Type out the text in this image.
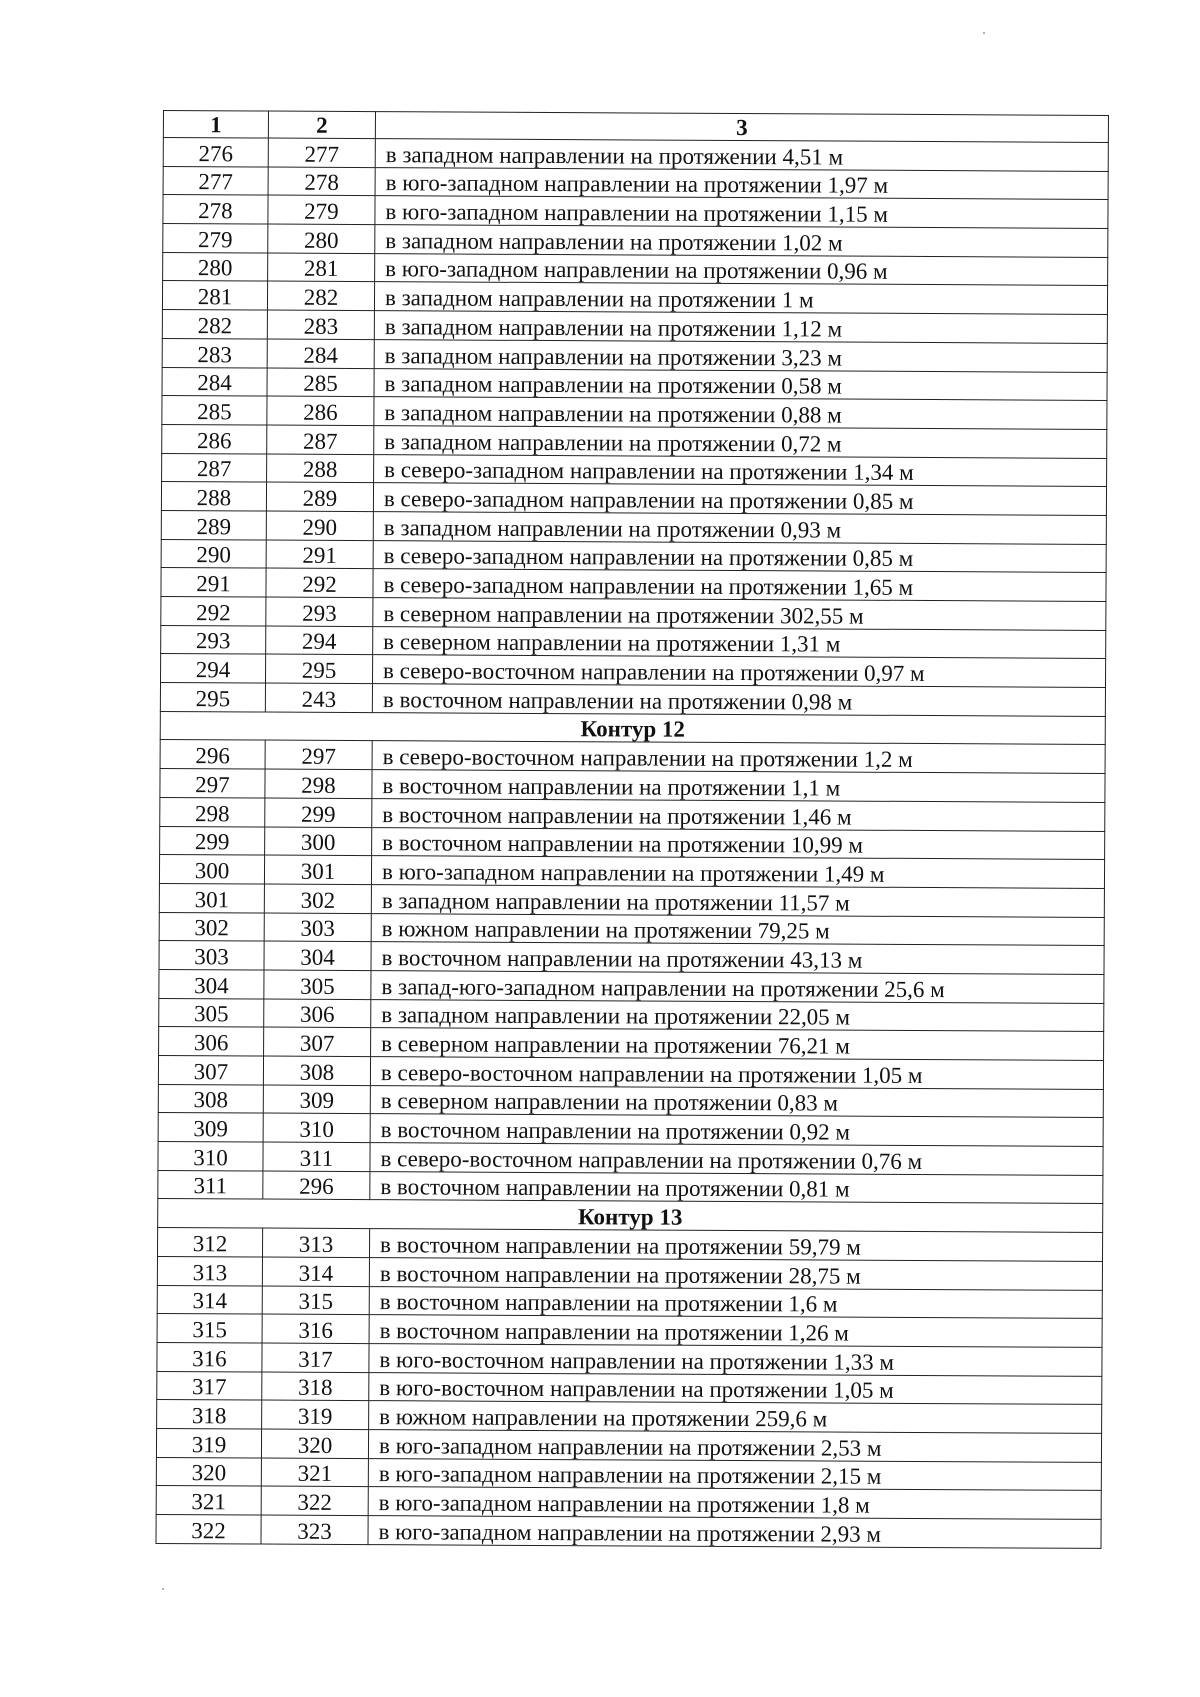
1	2	3
276	277	в западном направлении на протяжении 4,51 м
277	278	в юго-западном направлении на протяжении 1,97 м
278	279	в юго-западном направлении на протяжении 1,15 м
279	280	в западном направлении на протяжении 1,02 м
280	281	в юго-западном направлении на протяжении 0,96 м
281	282	в западном направлении на протяжении 1 м
282	283	в западном направлении на протяжении 1,12 м
283	284	в западном направлении на протяжении 3,23 м
284	285	в западном направлении на протяжении 0,58 м
285	286	в западном направлении на протяжении 0,88 м
286	287	в западном направлении на протяжении 0,72 м
287	288	в северо-западном направлении на протяжении 1,34 м
288	289	в северо-западном направлении на протяжении 0,85 м
289	290	в западном направлении на протяжении 0,93 м
290	291	в северо-западном направлении на протяжении 0,85 м
291	292	в северо-западном направлении на протяжении 1,65 м
292	293	в северном направлении на протяжении 302,55 м
293	294	в северном направлении на протяжении 1,31 м
294	295	в северо-восточном направлении на протяжении 0,97 м
295	243	в восточном направлении на протяжении 0,98 м
Контур 12		
296	297	в северо-восточном направлении на протяжении 1,2 м
297	298	в восточном направлении на протяжении 1,1 м
298	299	в восточном направлении на протяжении 1,46 м
299	300	в восточном направлении на протяжении 10,99 м
300	301	в юго-западном направлении на протяжении 1,49 м
301	302	в западном направлении на протяжении 11,57 м
302	303	в южном направлении на протяжении 79,25 м
303	304	в восточном направлении на протяжении 43,13 м
304	305	в запад-юго-западном направлении на протяжении 25,6 м
305	306	в западном направлении на протяжении 22,05 м
306	307	в северном направлении на протяжении 76,21 м
307	308	в северо-восточном направлении на протяжении 1,05 м
308	309	в северном направлении на протяжении 0,83 м
309	310	в восточном направлении на протяжении 0,92 м
310	311	в северо-восточном направлении на протяжении 0,76 м
311	296	в восточном направлении на протяжении 0,81 м
Контур 13		
312	313	в восточном направлении на протяжении 59,79 м
313	314	в восточном направлении на протяжении 28,75 м
314	315	в восточном направлении на протяжении 1,6 м
315	316	в восточном направлении на протяжении 1,26 м
316	317	в юго-восточном направлении на протяжении 1,33 м
317	318	в юго-восточном направлении на протяжении 1,05 м
318	319	в южном направлении на протяжении 259,6 м
319	320	в юго-западном направлении на протяжении 2,53 м
320	321	в юго-западном направлении на протяжении 2,15 м
321	322	в юго-западном направлении на протяжении 1,8 м
322	323	в юго-западном направлении на протяжении 2,93 м
